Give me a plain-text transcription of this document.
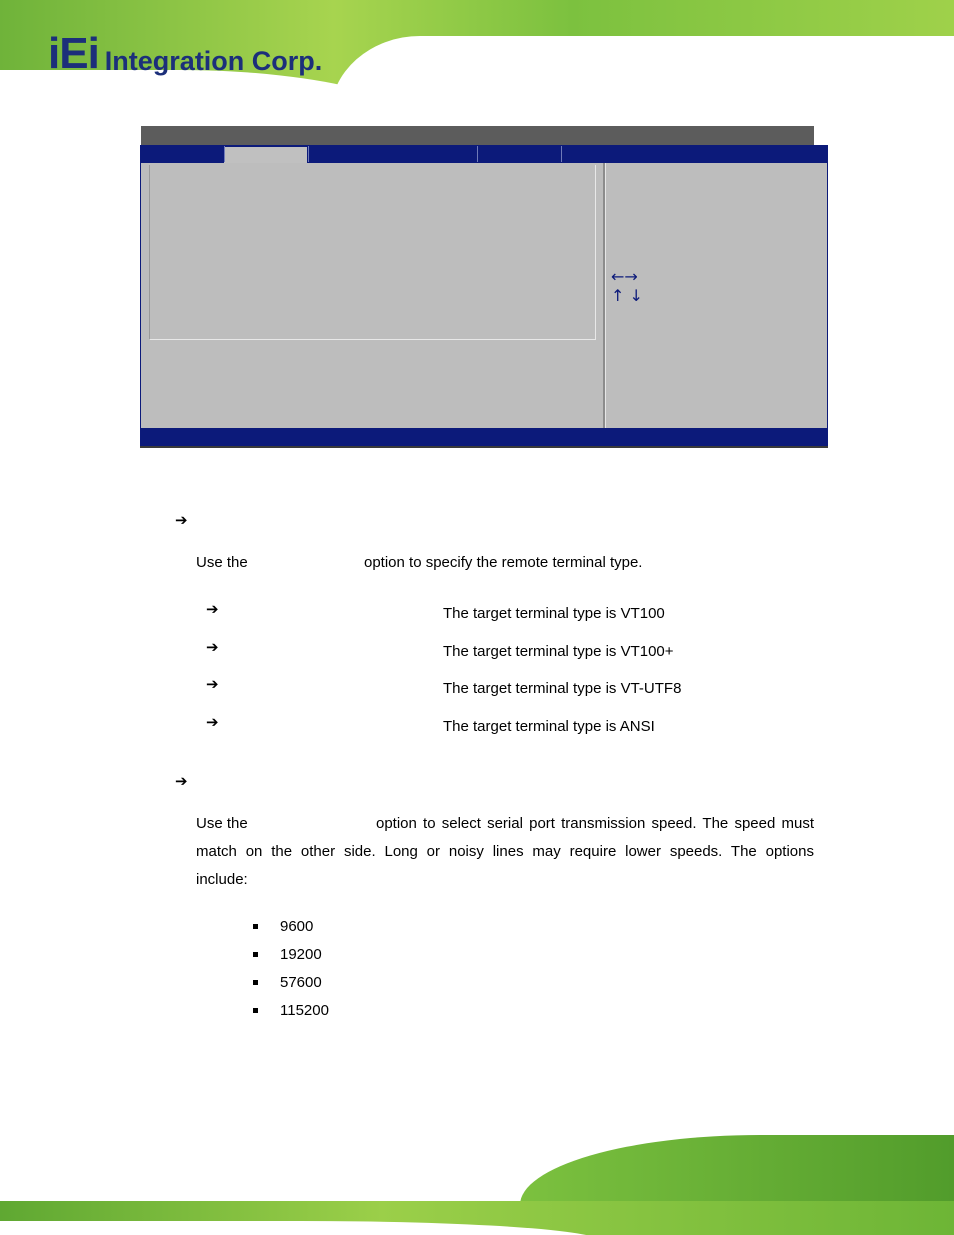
iEi Integration Corp.
←→
↑ ↓
➔
Use the	option to specify the remote terminal type.
➔	The target terminal type is VT100
➔	The target terminal type is VT100+
➔	The target terminal type is VT-UTF8
➔	The target terminal type is ANSI
➔
Use the	option to select serial port transmission speed. The speed must
match on the other side. Long or noisy lines may require lower speeds. The options
include:
9600
19200
57600
115200
